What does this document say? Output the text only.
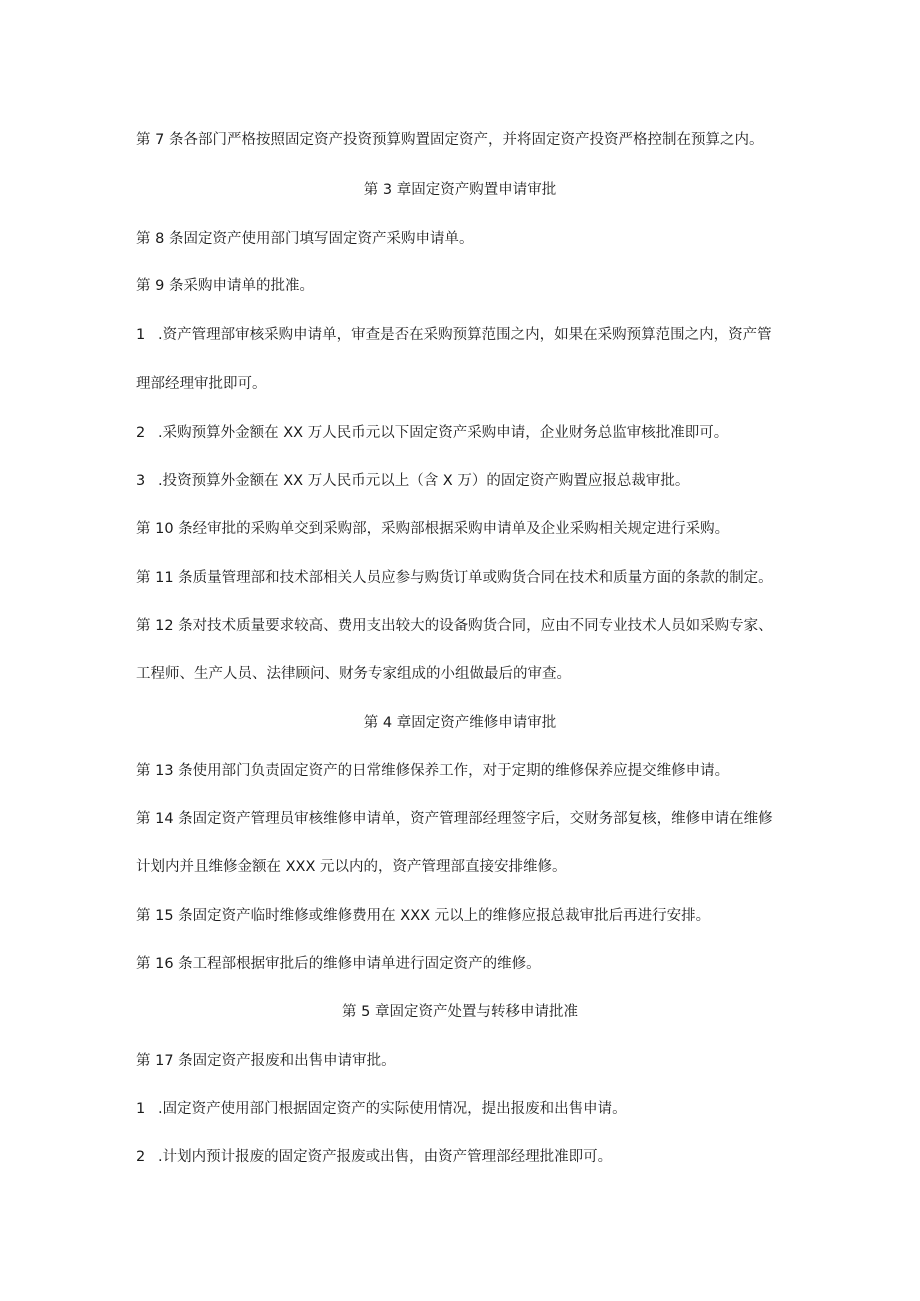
第 7 条各部门严格按照固定资产投资预算购置固定资产，并将固定资产投资严格控制在预算之内。
第 3 章固定资产购置申请审批
第 8 条固定资产使用部门填写固定资产采购申请单。
第 9 条采购申请单的批准。
1 .资产管理部审核采购申请单，审查是否在采购预算范围之内，如果在采购预算范围之内，资产管
理部经理审批即可。
2 .采购预算外金额在 XX 万人民币元以下固定资产采购申请，企业财务总监审核批准即可。
3 .投资预算外金额在 XX 万人民币元以上（含 X 万）的固定资产购置应报总裁审批。
第 10 条经审批的采购单交到采购部，采购部根据采购申请单及企业采购相关规定进行采购。
第 11 条质量管理部和技术部相关人员应参与购货订单或购货合同在技术和质量方面的条款的制定。
第 12 条对技术质量要求较高、费用支出较大的设备购货合同，应由不同专业技术人员如采购专家、
工程师、生产人员、法律顾问、财务专家组成的小组做最后的审查。
第 4 章固定资产维修申请审批
第 13 条使用部门负责固定资产的日常维修保养工作，对于定期的维修保养应提交维修申请。
第 14 条固定资产管理员审核维修申请单，资产管理部经理签字后，交财务部复核，维修申请在维修
计划内并且维修金额在 XXX 元以内的，资产管理部直接安排维修。
第 15 条固定资产临时维修或维修费用在 XXX 元以上的维修应报总裁审批后再进行安排。
第 16 条工程部根据审批后的维修申请单进行固定资产的维修。
第 5 章固定资产处置与转移申请批准
第 17 条固定资产报废和出售申请审批。
1 .固定资产使用部门根据固定资产的实际使用情况，提出报废和出售申请。
2 .计划内预计报废的固定资产报废或出售，由资产管理部经理批准即可。
